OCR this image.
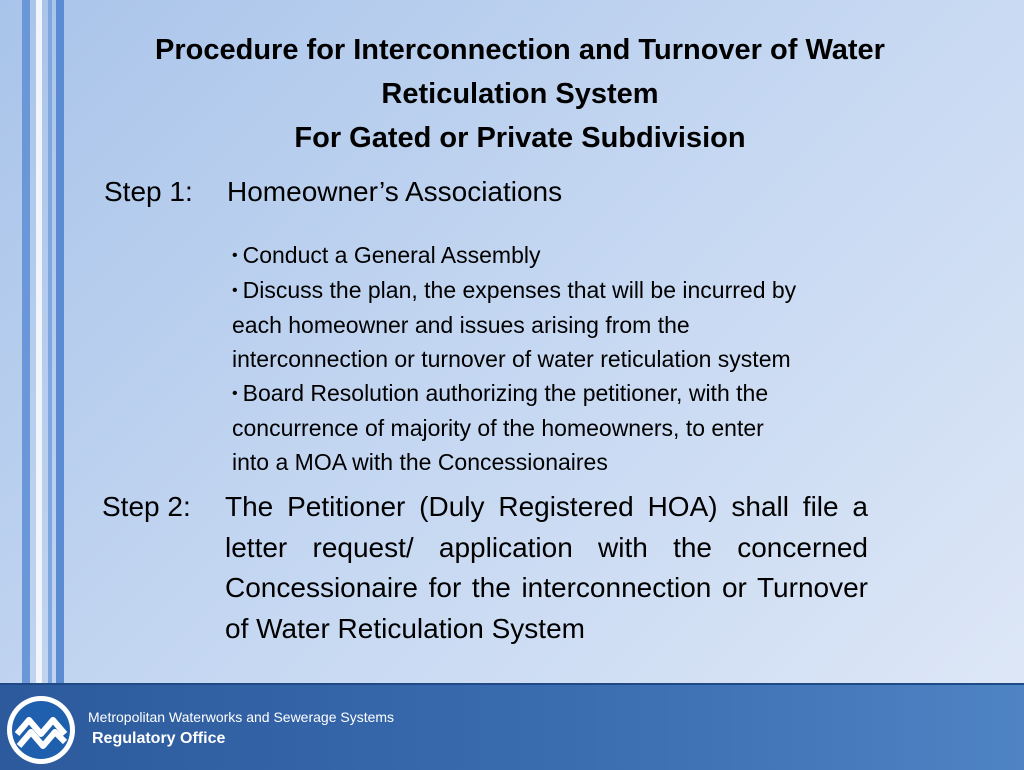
Procedure for Interconnection and Turnover of Water
Reticulation System
For Gated or Private Subdivision
Step 1: Homeowner’s Associations
• Conduct a General Assembly
• Discuss the plan, the expenses that will be incurred by
each homeowner and issues arising from the
interconnection or turnover of water reticulation system
• Board Resolution authorizing the petitioner, with the
concurrence of majority of the homeowners, to enter
into a MOA with the Concessionaires
Step 2: The Petitioner (Duly Registered HOA) shall file a letter request/ application with the concerned Concessionaire for the interconnection or Turnover of Water Reticulation System
Metropolitan Waterworks and Sewerage Systems
Regulatory Office
